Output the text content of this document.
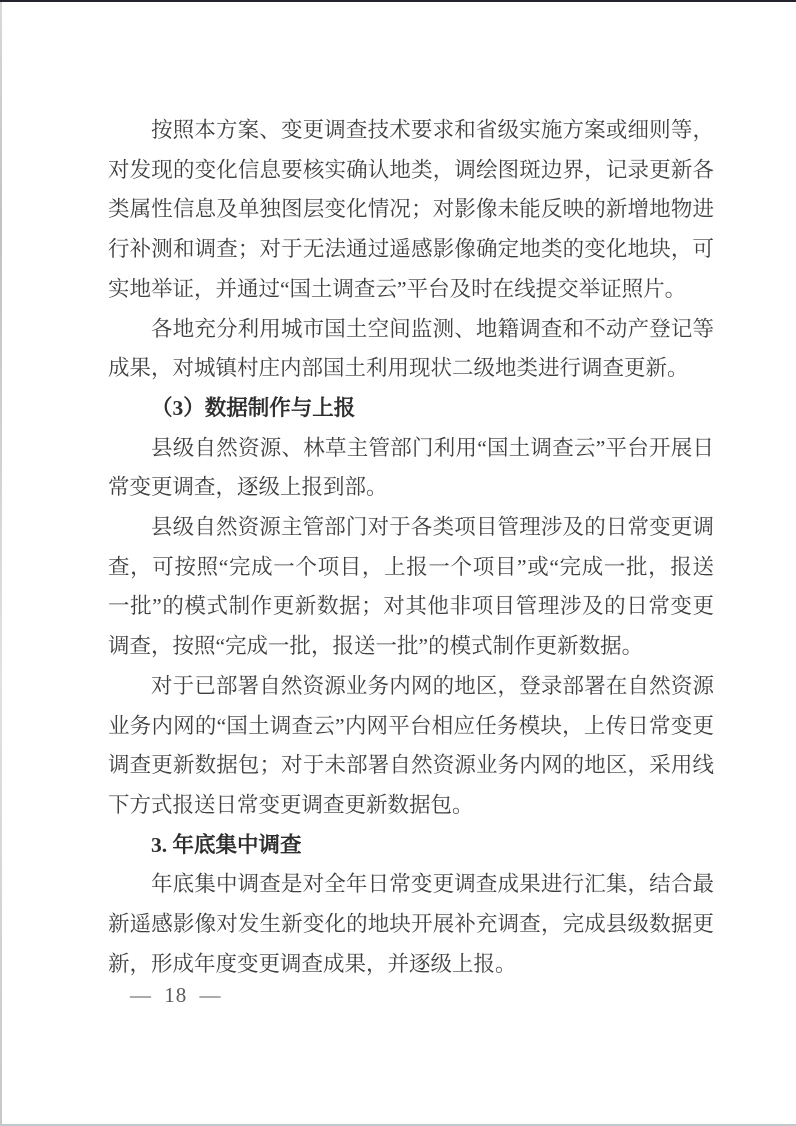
按照本方案、变更调查技术要求和省级实施方案或细则等，对发现的变化信息要核实确认地类，调绘图斑边界，记录更新各类属性信息及单独图层变化情况；对影像未能反映的新增地物进行补测和调查；对于无法通过遥感影像确定地类的变化地块，可实地举证，并通过“国土调查云”平台及时在线提交举证照片。

各地充分利用城市国土空间监测、地籍调查和不动产登记等成果，对城镇村庄内部国土利用现状二级地类进行调查更新。

（3）数据制作与上报

县级自然资源、林草主管部门利用“国土调查云”平台开展日常变更调查，逐级上报到部。

县级自然资源主管部门对于各类项目管理涉及的日常变更调查，可按照“完成一个项目，上报一个项目”或“完成一批，报送一批”的模式制作更新数据；对其他非项目管理涉及的日常变更调查，按照“完成一批，报送一批”的模式制作更新数据。

对于已部署自然资源业务内网的地区，登录部署在自然资源业务内网的“国土调查云”内网平台相应任务模块，上传日常变更调查更新数据包；对于未部署自然资源业务内网的地区，采用线下方式报送日常变更调查更新数据包。

3. 年底集中调查

年底集中调查是对全年日常变更调查成果进行汇集，结合最新遥感影像对发生新变化的地块开展补充调查，完成县级数据更新，形成年度变更调查成果，并逐级上报。

— 18 —
